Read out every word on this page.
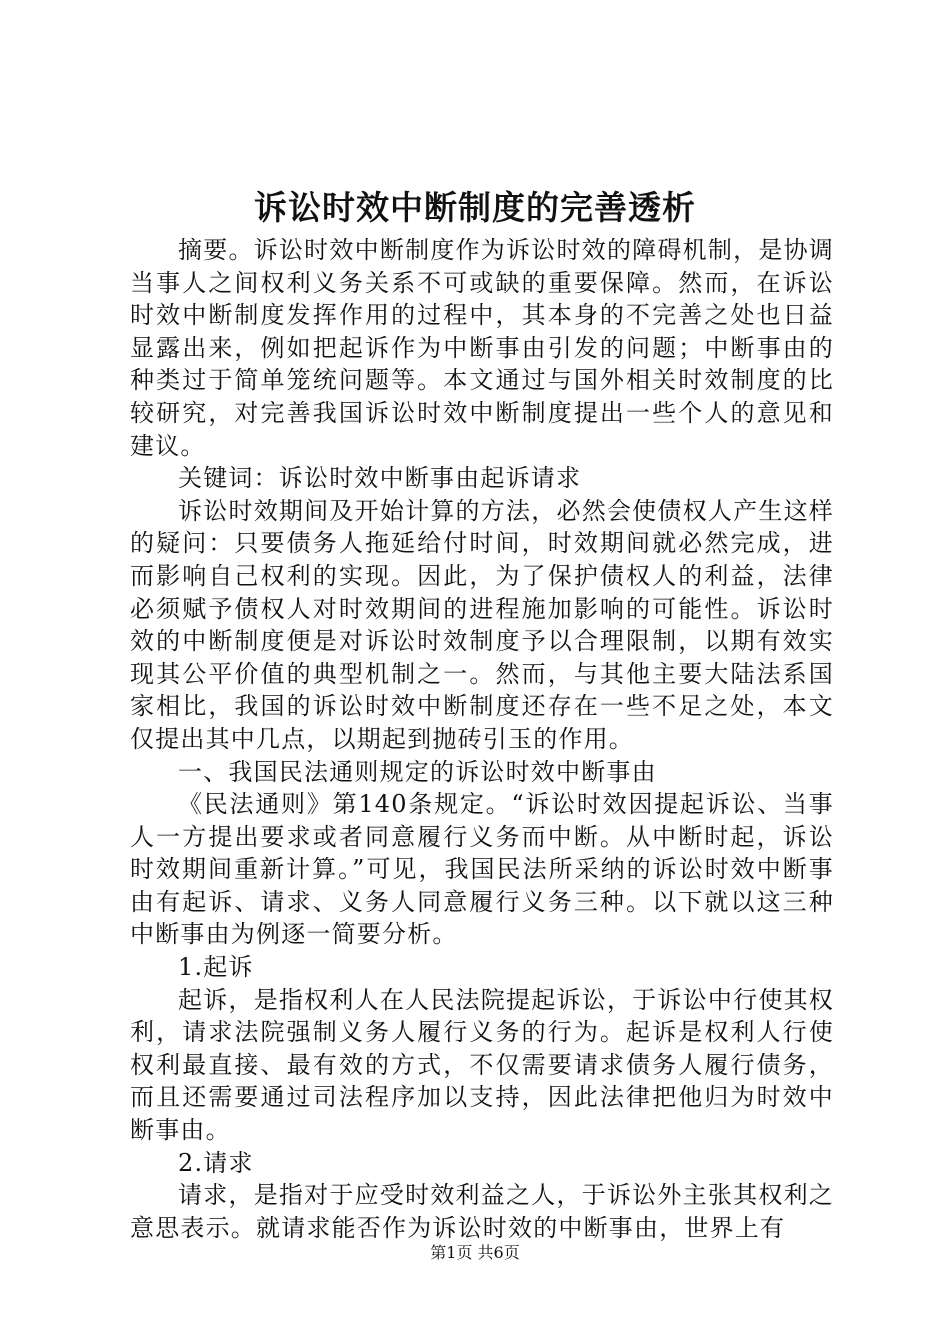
诉讼时效中断制度的完善透析

摘要。诉讼时效中断制度作为诉讼时效的障碍机制，是协调当事人之间权利义务关系不可或缺的重要保障。然而，在诉讼时效中断制度发挥作用的过程中，其本身的不完善之处也日益显露出来，例如把起诉作为中断事由引发的问题；中断事由的种类过于简单笼统问题等。本文通过与国外相关时效制度的比较研究，对完善我国诉讼时效中断制度提出一些个人的意见和建议。

关键词：诉讼时效中断事由起诉请求

诉讼时效期间及开始计算的方法，必然会使债权人产生这样的疑问：只要债务人拖延给付时间，时效期间就必然完成，进而影响自己权利的实现。因此，为了保护债权人的利益，法律必须赋予债权人对时效期间的进程施加影响的可能性。诉讼时效的中断制度便是对诉讼时效制度予以合理限制，以期有效实现其公平价值的典型机制之一。然而，与其他主要大陆法系国家相比，我国的诉讼时效中断制度还存在一些不足之处，本文仅提出其中几点，以期起到抛砖引玉的作用。

一、我国民法通则规定的诉讼时效中断事由

《民法通则》第140条规定。“诉讼时效因提起诉讼、当事人一方提出要求或者同意履行义务而中断。从中断时起，诉讼时效期间重新计算。”可见，我国民法所采纳的诉讼时效中断事由有起诉、请求、义务人同意履行义务三种。以下就以这三种中断事由为例逐一简要分析。

1.起诉

起诉，是指权利人在人民法院提起诉讼，于诉讼中行使其权利，请求法院强制义务人履行义务的行为。起诉是权利人行使权利最直接、最有效的方式，不仅需要请求债务人履行债务，而且还需要通过司法程序加以支持，因此法律把他归为时效中断事由。

2.请求

请求，是指对于应受时效利益之人，于诉讼外主张其权利之意思表示。就请求能否作为诉讼时效的中断事由，世界上有

第1页 共6页
